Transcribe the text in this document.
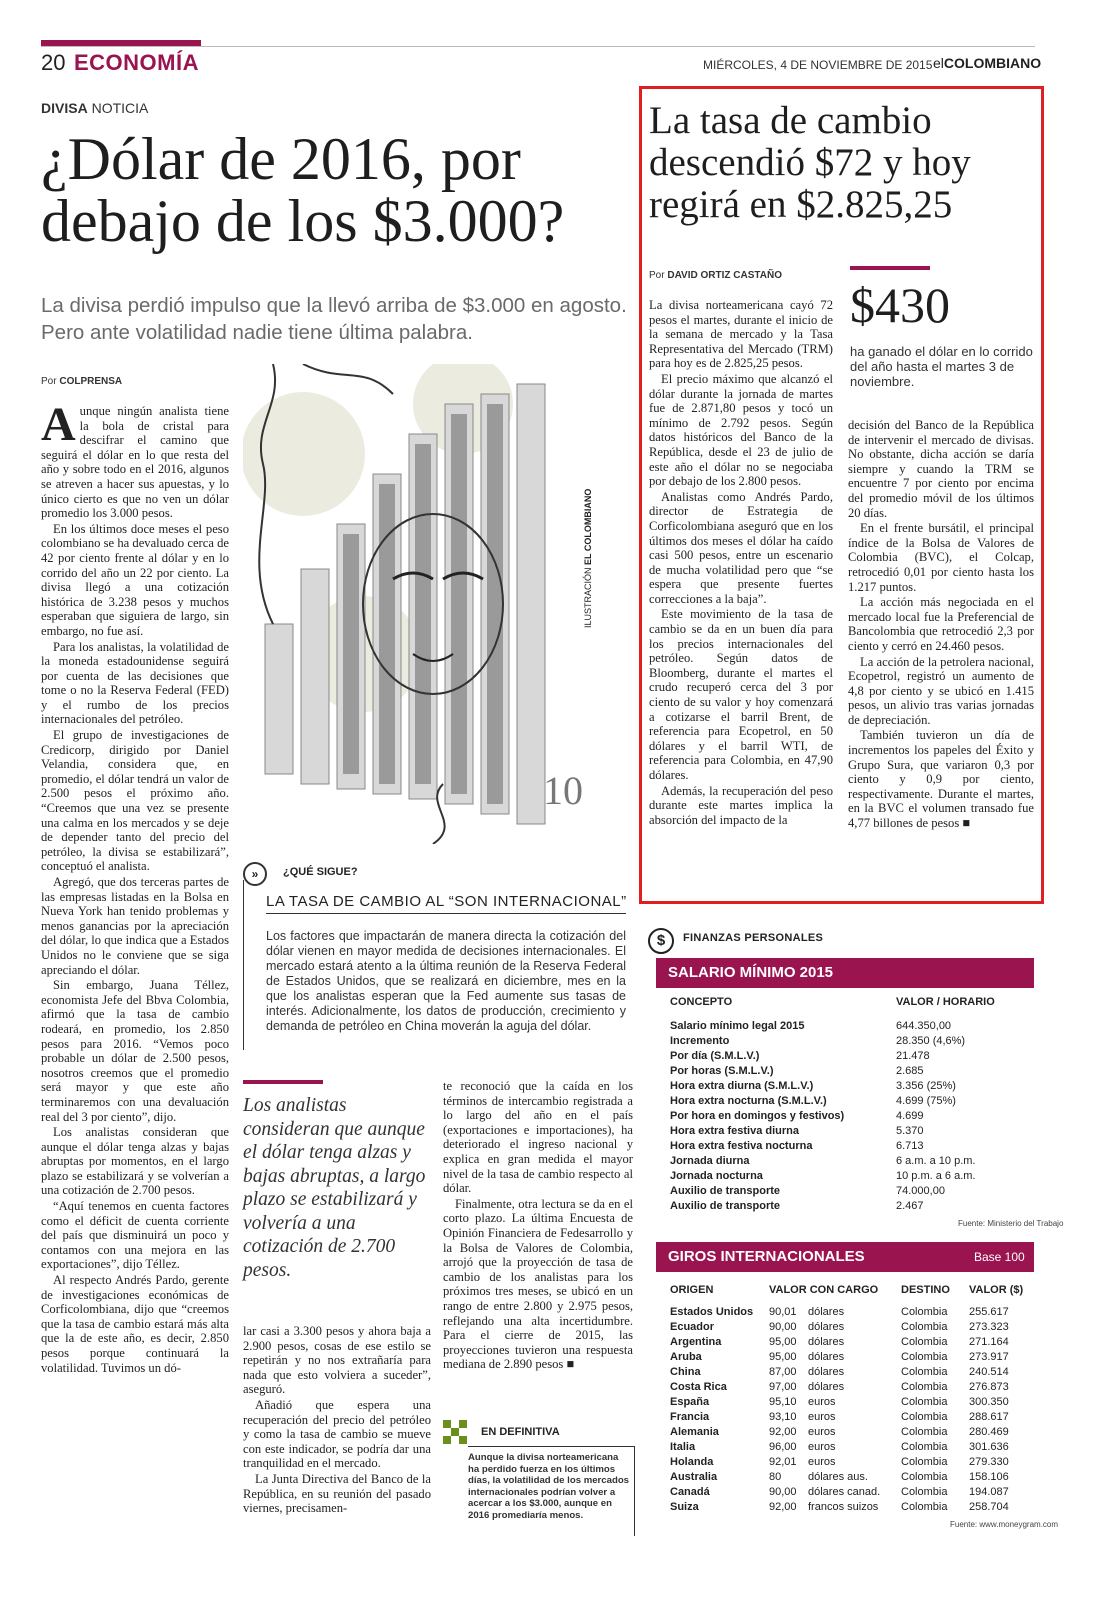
20 ECONOMÍA	MIÉRCOLES, 4 DE NOVIEMBRE DE 2015 elCOLOMBIANO
DIVISA NOTICIA
¿Dólar de 2016, por debajo de los $3.000?
La divisa perdió impulso que la llevó arriba de $3.000 en agosto. Pero ante volatilidad nadie tiene última palabra.
Por COLPRENSA

Aunque ningún analista tiene la bola de cristal para descifrar el camino que seguirá el dólar en lo que resta del año y sobre todo en el 2016, algunos se atreven a hacer sus apuestas, y lo único cierto es que no ven un dólar promedio los 3.000 pesos.

En los últimos doce meses el peso colombiano se ha devaluado cerca de 42 por ciento frente al dólar y en lo corrido del año un 22 por ciento. La divisa llegó a una cotización histórica de 3.238 pesos y muchos esperaban que siguiera de largo, sin embargo, no fue así.

Para los analistas, la volatilidad de la moneda estadounidense seguirá por cuenta de las decisiones que tome o no la Reserva Federal (FED) y el rumbo de los precios internacionales del petróleo.

El grupo de investigaciones de Credicorp, dirigido por Daniel Velandia, considera que, en promedio, el dólar tendrá un valor de 2.500 pesos el próximo año. “Creemos que una vez se presente una calma en los mercados y se deje de depender tanto del precio del petróleo, la divisa se estabilizará”, conceptuó el analista.

Agregó, que dos terceras partes de las empresas listadas en la Bolsa en Nueva York han tenido problemas y menos ganancias por la apreciación del dólar, lo que indica que a Estados Unidos no le conviene que se siga apreciando el dólar.

Sin embargo, Juana Téllez, economista Jefe del Bbva Colombia, afirmó que la tasa de cambio rodeará, en promedio, los 2.850 pesos para 2016. “Vemos poco probable un dólar de 2.500 pesos, nosotros creemos que el promedio será mayor y que este año terminaremos con una devaluación real del 3 por ciento”, dijo.

Los analistas consideran que aunque el dólar tenga alzas y bajas abruptas por momentos, en el largo plazo se estabilizará y se volverían a una cotización de 2.700 pesos.

“Aquí tenemos en cuenta factores como el déficit de cuenta corriente del país que disminuirá un poco y contamos con una mejora en las exportaciones”, dijo Téllez.

Al respecto Andrés Pardo, gerente de investigaciones económicas de Corficolombiana, dijo que “creemos que la tasa de cambio estará más alta que la de este año, es decir, 2.850 pesos porque continuará la volatilidad. Tuvimos un dó-

10
ILUSTRACIÓN EL COLOMBIANO
»	¿QUÉ SIGUE?
LA TASA DE CAMBIO AL “SON INTERNACIONAL”
Los factores que impactarán de manera directa la cotización del dólar vienen en mayor medida de decisiones internacionales. El mercado estará atento a la última reunión de la Reserva Federal de Estados Unidos, que se realizará en diciembre, mes en la que los analistas esperan que la Fed aumente sus tasas de interés. Adicionalmente, los datos de producción, crecimiento y demanda de petróleo en China moverán la aguja del dólar.
Los analistas consideran que aunque el dólar tenga alzas y bajas abruptas, a largo plazo se estabilizará y volvería a una cotización de 2.700 pesos.

lar casi a 3.300 pesos y ahora baja a 2.900 pesos, cosas de ese estilo se repetirán y no nos extrañaría para nada que esto volviera a suceder”, aseguró.

Añadió que espera una recuperación del precio del petróleo y como la tasa de cambio se mueve con este indicador, se podría dar una tranquilidad en el mercado.

La Junta Directiva del Banco de la República, en su reunión del pasado viernes, precisamen-

te reconoció que la caída en los términos de intercambio registrada a lo largo del año en el país (exportaciones e importaciones), ha deteriorado el ingreso nacional y explica en gran medida el mayor nivel de la tasa de cambio respecto al dólar.

Finalmente, otra lectura se da en el corto plazo. La última Encuesta de Opinión Financiera de Fedesarrollo y la Bolsa de Valores de Colombia, arrojó que la proyección de tasa de cambio de los analistas para los próximos tres meses, se ubicó en un rango de entre 2.800 y 2.975 pesos, reflejando una alta incertidumbre. Para el cierre de 2015, las proyecciones tuvieron una respuesta mediana de 2.890 pesos ■

EN DEFINITIVA
Aunque la divisa norteamericana ha perdido fuerza en los últimos días, la volatilidad de los mercados internacionales podrían volver a acercar a los $3.000, aunque en 2016 promediaría menos.
La tasa de cambio descendió $72 y hoy regirá en $2.825,25
Por DAVID ORTIZ CASTAÑO
$430
ha ganado el dólar en lo corrido del año hasta el martes 3 de noviembre.

La divisa norteamericana cayó 72 pesos el martes, durante el inicio de la semana de mercado y la Tasa Representativa del Mercado (TRM) para hoy es de 2.825,25 pesos.

El precio máximo que alcanzó el dólar durante la jornada de martes fue de 2.871,80 pesos y tocó un mínimo de 2.792 pesos. Según datos históricos del Banco de la República, desde el 23 de julio de este año el dólar no se negociaba por debajo de los 2.800 pesos.

Analistas como Andrés Pardo, director de Estrategia de Corficolombiana aseguró que en los últimos dos meses el dólar ha caído casi 500 pesos, entre un escenario de mucha volatilidad pero que “se espera que presente fuertes correcciones a la baja”.

Este movimiento de la tasa de cambio se da en un buen día para los precios internacionales del petróleo. Según datos de Bloomberg, durante el martes el crudo recuperó cerca del 3 por ciento de su valor y hoy comenzará a cotizarse el barril Brent, de referencia para Ecopetrol, en 50 dólares y el barril WTI, de referencia para Colombia, en 47,90 dólares.

Además, la recuperación del peso durante este martes implica la absorción del impacto de la

decisión del Banco de la República de intervenir el mercado de divisas. No obstante, dicha acción se daría siempre y cuando la TRM se encuentre 7 por ciento por encima del promedio móvil de los últimos 20 días.

En el frente bursátil, el principal índice de la Bolsa de Valores de Colombia (BVC), el Colcap, retrocedió 0,01 por ciento hasta los 1.217 puntos.

La acción más negociada en el mercado local fue la Preferencial de Bancolombia que retrocedió 2,3 por ciento y cerró en 24.460 pesos.

La acción de la petrolera nacional, Ecopetrol, registró un aumento de 4,8 por ciento y se ubicó en 1.415 pesos, un alivio tras varias jornadas de depreciación.

También tuvieron un día de incrementos los papeles del Éxito y Grupo Sura, que variaron 0,3 por ciento y 0,9 por ciento, respectivamente. Durante el martes, en la BVC el volumen transado fue 4,77 billones de pesos ■

$	FINANZAS PERSONALES
SALARIO MÍNIMO 2015
CONCEPTO	VALOR / HORARIO
Salario mínimo legal 2015	644.350,00
Incremento	28.350 (4,6%)
Por día (S.M.L.V.)	21.478
Por horas (S.M.L.V.)	2.685
Hora extra diurna (S.M.L.V.)	3.356 (25%)
Hora extra nocturna (S.M.L.V.)	4.699 (75%)
Por hora en domingos y festivos)	4.699
Hora extra festiva diurna	5.370
Hora extra festiva nocturna	6.713
Jornada diurna	6 a.m. a 10 p.m.
Jornada nocturna	10 p.m. a 6 a.m.
Auxilio de transporte	74.000,00
Auxilio de transporte	2.467
Fuente: Ministerio del Trabajo
GIROS INTERNACIONALES	Base 100
ORIGEN	VALOR CON CARGO DESTINO VALOR ($)
Estados Unidos 90,01 dólares	Colombia 255.617
Ecuador	90,00 dólares	Colombia 273.323
Argentina	95,00 dólares	Colombia 271.164
Aruba	95,00 dólares	Colombia 273.917
China	87,00 dólares	Colombia 240.514
Costa Rica	97,00 dólares	Colombia 276.873
España	95,10 euros	Colombia 300.350
Francia	93,10 euros	Colombia 288.617
Alemania	92,00 euros	Colombia 280.469
Italia	96,00 euros	Colombia 301.636
Holanda	92,01 euros	Colombia 279.330
Australia	80 dólares aus.	Colombia 158.106
Canadá	90,00 dólares canad. Colombia 194.087
Suiza	92,00 francos suizos Colombia 258.704
Fuente: www.moneygram.com
